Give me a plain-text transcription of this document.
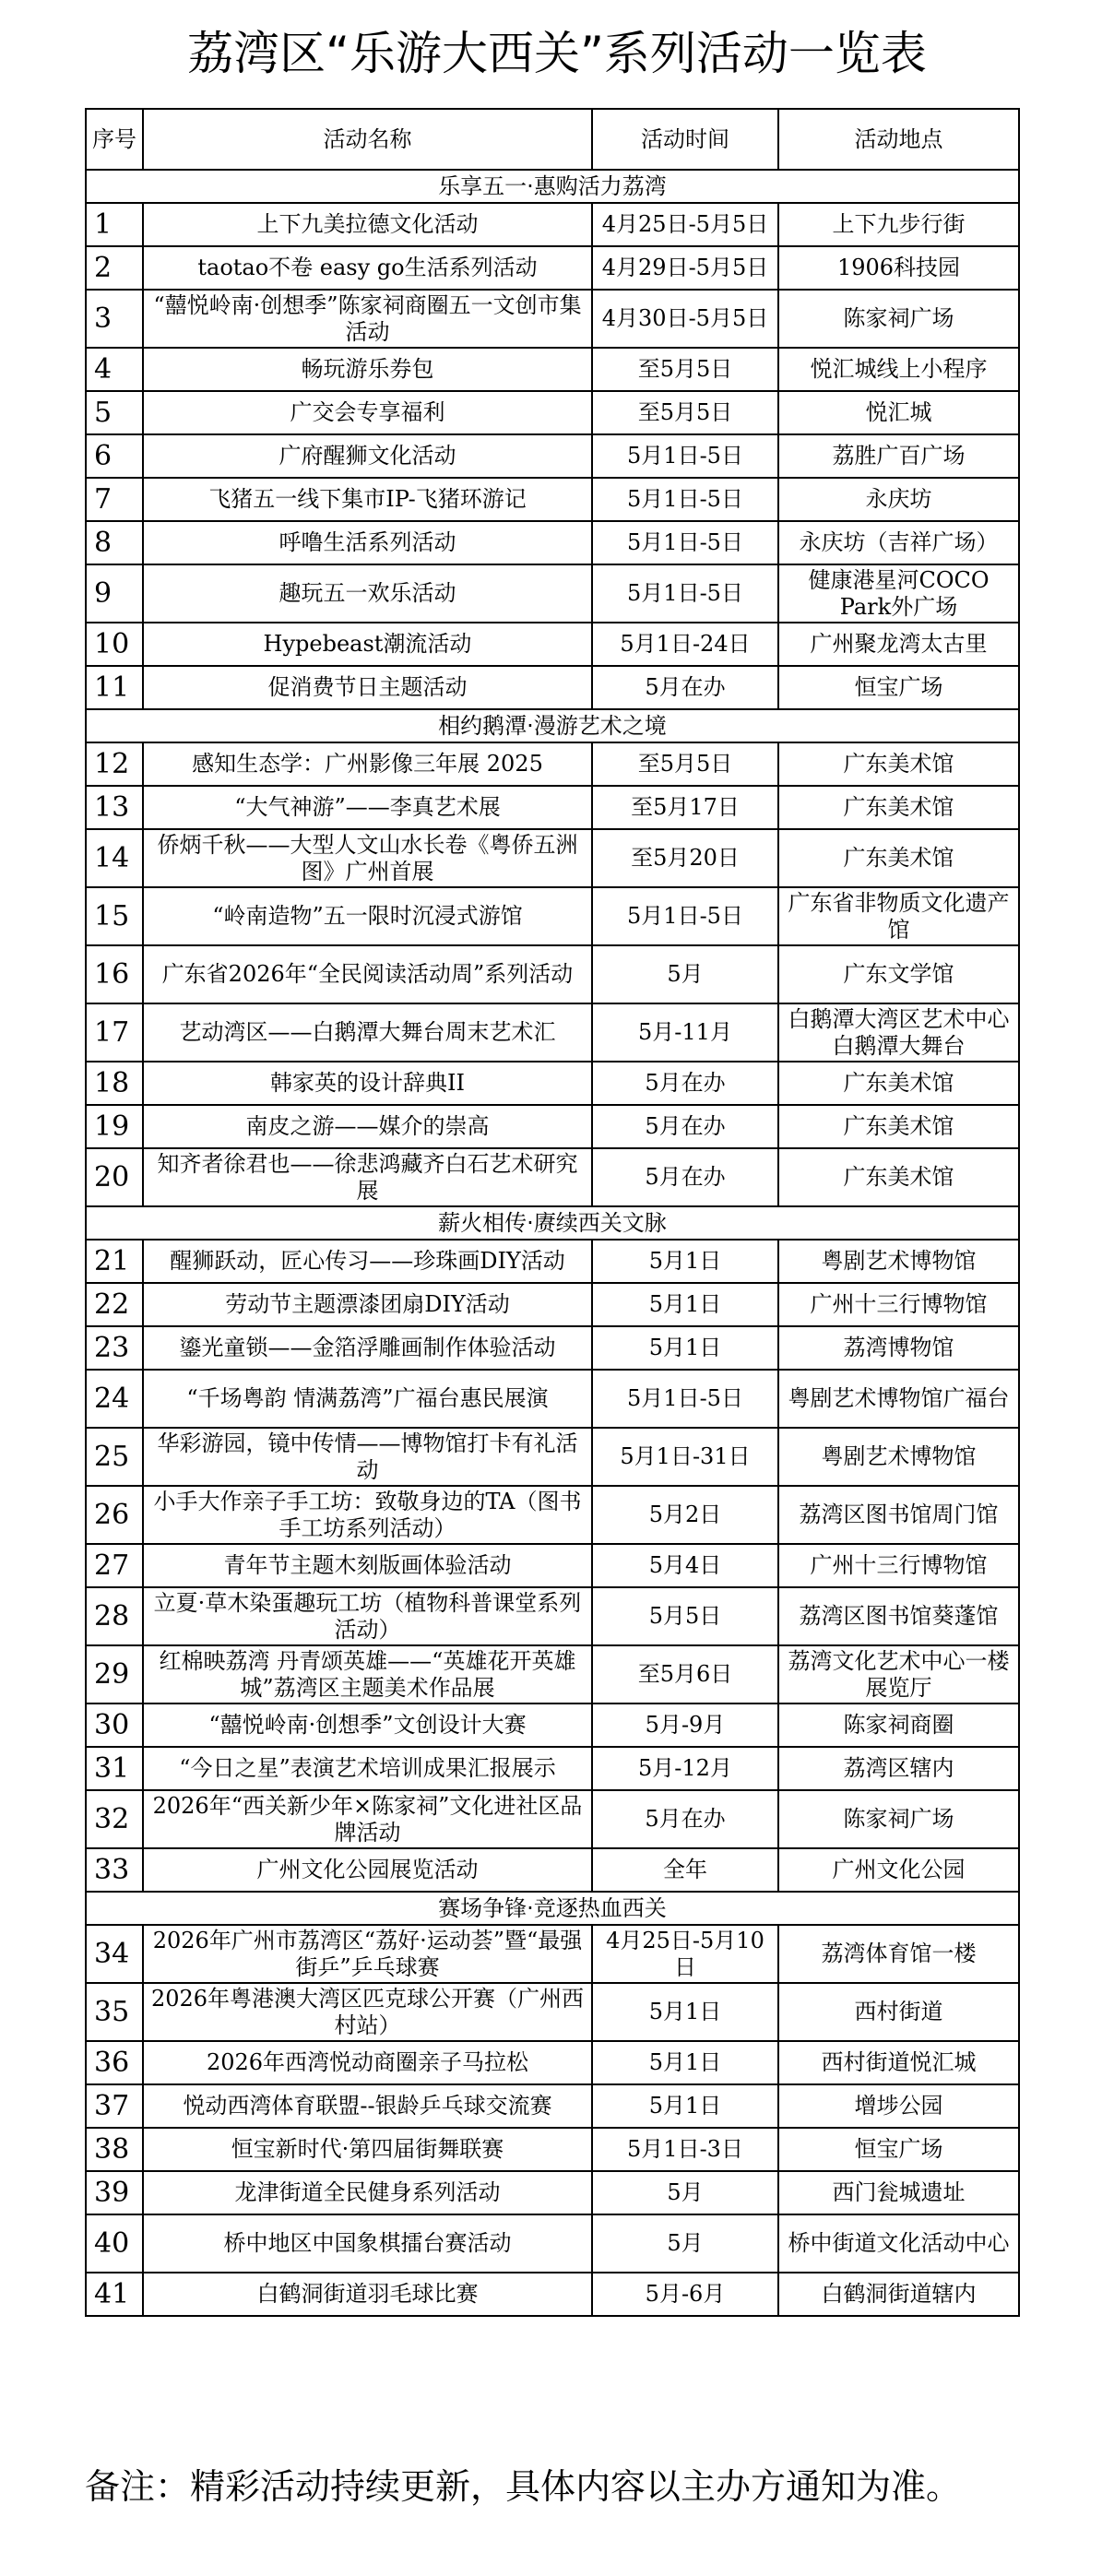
荔湾区“乐游大西关”系列活动一览表
序号	活动名称	活动时间	活动地点
乐享五一·惠购活力荔湾			
1	上下九美拉德文化活动	4月25日-5月5日	上下九步行街
2	taotao不卷 easy go生活系列活动	4月29日-5月5日	1906科技园
3	“囍悦岭南·创想季”陈家祠商圈五一文创市集活动	4月30日-5月5日	陈家祠广场
4	畅玩游乐券包	至5月5日	悦汇城线上小程序
5	广交会专享福利	至5月5日	悦汇城
6	广府醒狮文化活动	5月1日-5日	荔胜广百广场
7	飞猪五一线下集市IP-飞猪环游记	5月1日-5日	永庆坊
8	呼噜生活系列活动	5月1日-5日	永庆坊（吉祥广场）
9	趣玩五一欢乐活动	5月1日-5日	健康港星河COCO Park外广场
10	Hypebeast潮流活动	5月1日-24日	广州聚龙湾太古里
11	促消费节日主题活动	5月在办	恒宝广场
相约鹅潭·漫游艺术之境			
12	感知生态学：广州影像三年展 2025	至5月5日	广东美术馆
13	“大气神游”——李真艺术展	至5月17日	广东美术馆
14	侨炳千秋——大型人文山水长卷《粤侨五洲图》广州首展	至5月20日	广东美术馆
15	“岭南造物”五一限时沉浸式游馆	5月1日-5日	广东省非物质文化遗产馆
16	广东省2026年“全民阅读活动周”系列活动	5月	广东文学馆
17	艺动湾区——白鹅潭大舞台周末艺术汇	5月-11月	白鹅潭大湾区艺术中心白鹅潭大舞台
18	韩家英的设计辞典II	5月在办	广东美术馆
19	南皮之游——媒介的崇高	5月在办	广东美术馆
20	知齐者徐君也——徐悲鸿藏齐白石艺术研究展	5月在办	广东美术馆
薪火相传·赓续西关文脉			
21	醒狮跃动，匠心传习——珍珠画DIY活动	5月1日	粤剧艺术博物馆
22	劳动节主题漂漆团扇DIY活动	5月1日	广州十三行博物馆
23	鎏光童锁——金箔浮雕画制作体验活动	5月1日	荔湾博物馆
24	“千场粤韵 情满荔湾”广福台惠民展演	5月1日-5日	粤剧艺术博物馆广福台
25	华彩游园，镜中传情——博物馆打卡有礼活动	5月1日-31日	粤剧艺术博物馆
26	小手大作亲子手工坊：致敬身边的TA（图书手工坊系列活动）	5月2日	荔湾区图书馆周门馆
27	青年节主题木刻版画体验活动	5月4日	广州十三行博物馆
28	立夏·草木染蛋趣玩工坊（植物科普课堂系列活动）	5月5日	荔湾区图书馆葵蓬馆
29	红棉映荔湾 丹青颂英雄——“英雄花开英雄城”荔湾区主题美术作品展	至5月6日	荔湾文化艺术中心一楼展览厅
30	“囍悦岭南·创想季”文创设计大赛	5月-9月	陈家祠商圈
31	“今日之星”表演艺术培训成果汇报展示	5月-12月	荔湾区辖内
32	2026年“西关新少年×陈家祠”文化进社区品牌活动	5月在办	陈家祠广场
33	广州文化公园展览活动	全年	广州文化公园
赛场争锋·竞逐热血西关			
34	2026年广州市荔湾区“荔好·运动荟”暨“最强街乒”乒乓球赛	4月25日-5月10日	荔湾体育馆一楼
35	2026年粤港澳大湾区匹克球公开赛（广州西村站）	5月1日	西村街道
36	2026年西湾悦动商圈亲子马拉松	5月1日	西村街道悦汇城
37	悦动西湾体育联盟--银龄乒乓球交流赛	5月1日	增埗公园
38	恒宝新时代·第四届街舞联赛	5月1日-3日	恒宝广场
39	龙津街道全民健身系列活动	5月	西门瓮城遗址
40	桥中地区中国象棋擂台赛活动	5月	桥中街道文化活动中心
41	白鹤洞街道羽毛球比赛	5月-6月	白鹤洞街道辖内

备注：精彩活动持续更新，具体内容以主办方通知为准。
